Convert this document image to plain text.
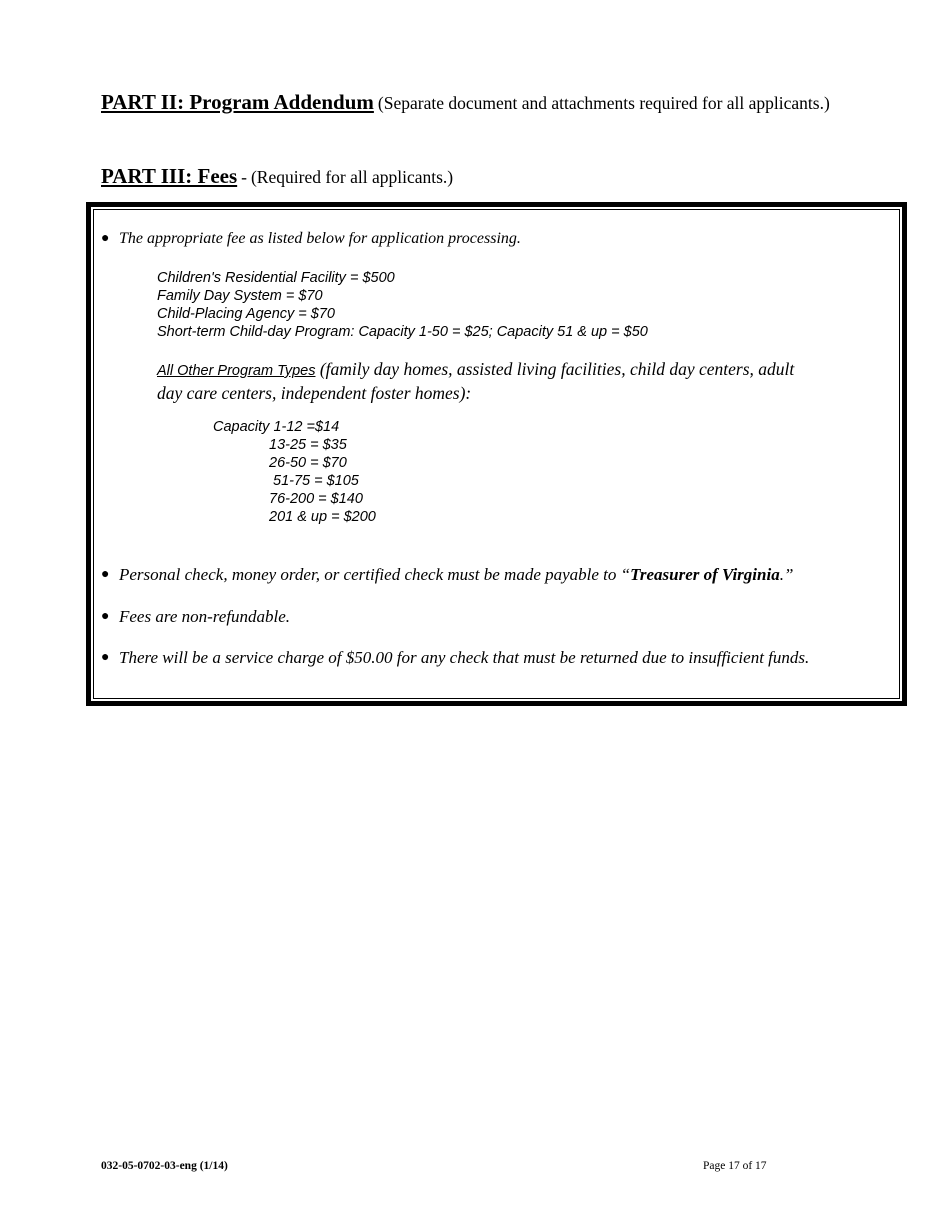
PART II: Program Addendum (Separate document and attachments required for all applicants.)
PART III: Fees - (Required for all applicants.)
● The appropriate fee as listed below for application processing.
Children's Residential Facility = $500
Family Day System = $70
Child-Placing Agency = $70
Short-term Child-day Program: Capacity 1-50 = $25; Capacity 51 & up = $50
All Other Program Types (family day homes, assisted living facilities, child day centers, adult
day care centers, independent foster homes):
Capacity 1-12 =$14
13-25 = $35
26-50 = $70
51-75 = $105
76-200 = $140
201 & up = $200
● Personal check, money order, or certified check must be made payable to “Treasurer of Virginia.”
● Fees are non-refundable.
● There will be a service charge of $50.00 for any check that must be returned due to insufficient funds.
032-05-0702-03-eng (1/14)	Page 17 of 17
